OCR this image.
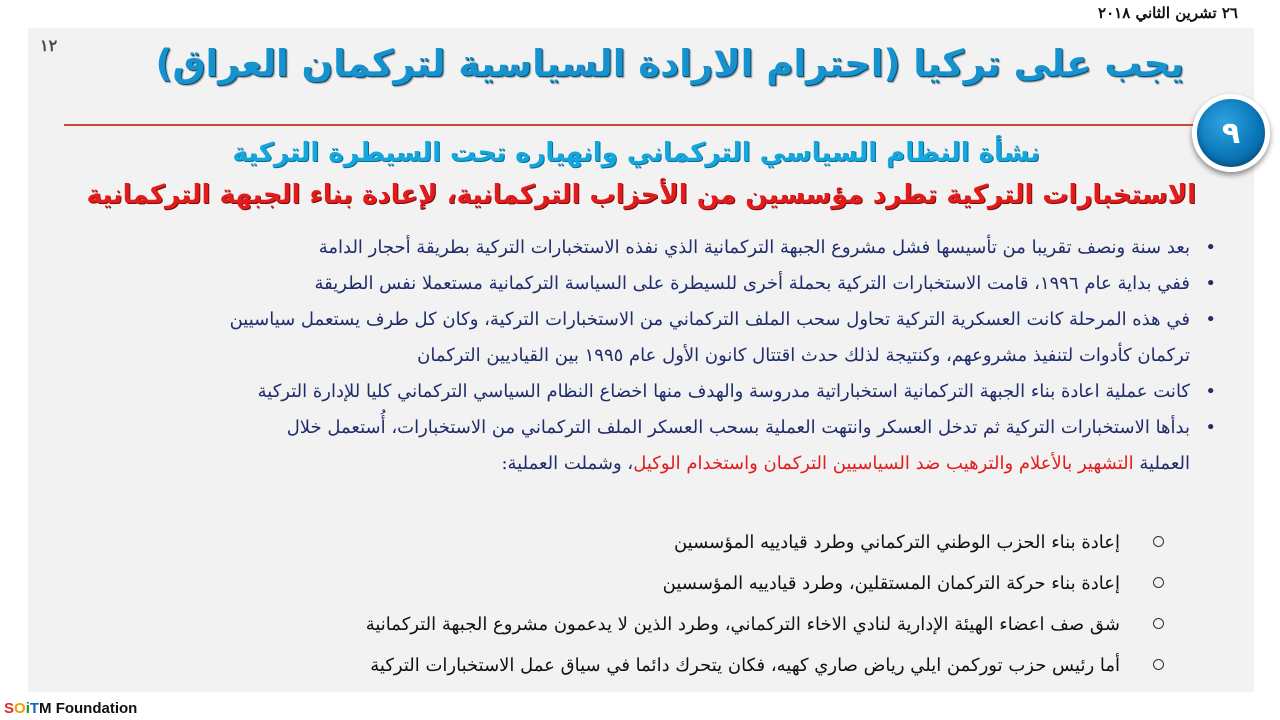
٢٦ تشرين الثاني ٢٠١٨
١٢	يجب على تركيا (احترام الارادة السياسية لتركمان العراق)
٩
نشأة النظام السياسي التركماني وانهياره تحت السيطرة التركية
الاستخبارات التركية تطرد مؤسسين من الأحزاب التركمانية، لإعادة بناء الجبهة التركمانية
•
بعد سنة ونصف تقريبا من تأسيسها فشل مشروع الجبهة التركمانية الذي نفذه الاستخبارات التركية بطريقة أحجار الدامة
•
ففي بداية عام ١٩٩٦، قامت الاستخبارات التركية بحملة أخرى للسيطرة على السياسة التركمانية مستعملا نفس الطريقة
•
في هذه المرحلة كانت العسكرية التركية تحاول سحب الملف التركماني من الاستخبارات التركية، وكان كل طرف يستعمل سياسيين
تركمان كأدوات لتنفيذ مشروعهم، وكنتيجة لذلك حدث اقتتال كانون الأول عام ١٩٩٥ بين القياديين التركمان
•
كانت عملية اعادة بناء الجبهة التركمانية استخباراتية مدروسة والهدف منها اخضاع النظام السياسي التركماني كليا للإدارة التركية
•
بدأها الاستخبارات التركية ثم تدخل العسكر وانتهت العملية بسحب العسكر الملف التركماني من الاستخبارات، أُستعمل خلال
العملية التشهير بالأعلام والترهيب ضد السياسيين التركمان واستخدام الوكيل، وشملت العملية:
إعادة بناء الحزب الوطني التركماني وطرد قيادييه المؤسسين
إعادة بناء حركة التركمان المستقلين، وطرد قيادييه المؤسسين
شق صف اعضاء الهيئة الإدارية لنادي الاخاء التركماني، وطرد الذين لا يدعمون مشروع الجبهة التركمانية
أما رئيس حزب توركمن ايلي رياض صاري كهيه، فكان يتحرك دائما في سياق عمل الاستخبارات التركية
SOiTM Foundation
